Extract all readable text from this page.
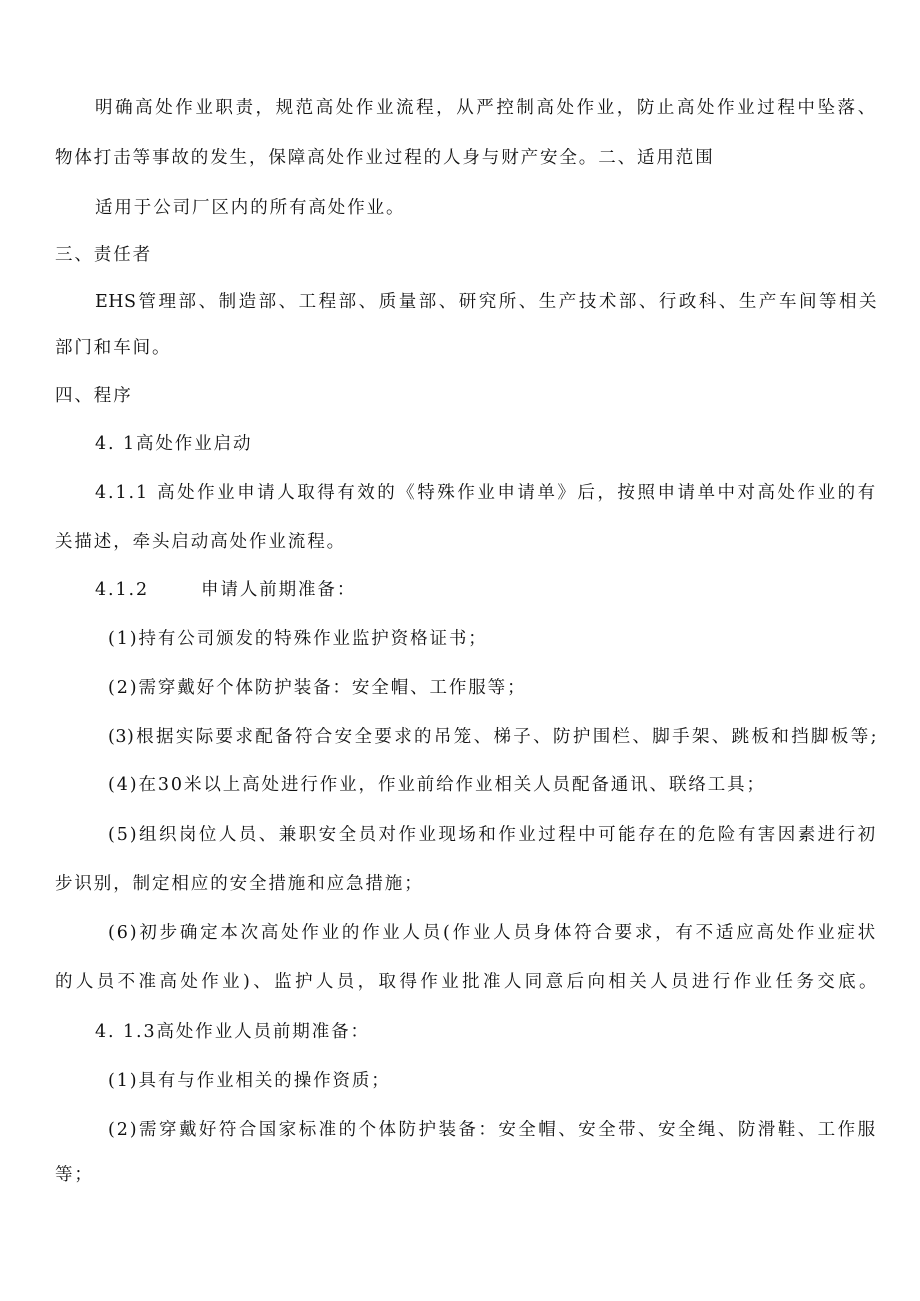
明确高处作业职责，规范高处作业流程，从严控制高处作业，防止高处作业过程中坠落、
物体打击等事故的发生，保障高处作业过程的人身与财产安全。二、适用范围
适用于公司厂区内的所有高处作业。
三、责任者
EHS管理部、制造部、工程部、质量部、研究所、生产技术部、行政科、生产车间等相关
部门和车间。
四、程序
4. 1高处作业启动
4.1.1 高处作业申请人取得有效的《特殊作业申请单》后，按照申请单中对高处作业的有
关描述，牵头启动高处作业流程。
4.1.2	申请人前期准备：
(1)持有公司颁发的特殊作业监护资格证书；
(2)需穿戴好个体防护装备：安全帽、工作服等；
(3)根据实际要求配备符合安全要求的吊笼、梯子、防护围栏、脚手架、跳板和挡脚板等;
(4)在30米以上高处进行作业，作业前给作业相关人员配备通讯、联络工具；
(5)组织岗位人员、兼职安全员对作业现场和作业过程中可能存在的危险有害因素进行初
步识别，制定相应的安全措施和应急措施；
(6)初步确定本次高处作业的作业人员(作业人员身体符合要求，有不适应高处作业症状
的人员不准高处作业)、监护人员，取得作业批准人同意后向相关人员进行作业任务交底。
4. 1.3高处作业人员前期准备：
(1)具有与作业相关的操作资质；
(2)需穿戴好符合国家标准的个体防护装备：安全帽、安全带、安全绳、防滑鞋、工作服
等；
